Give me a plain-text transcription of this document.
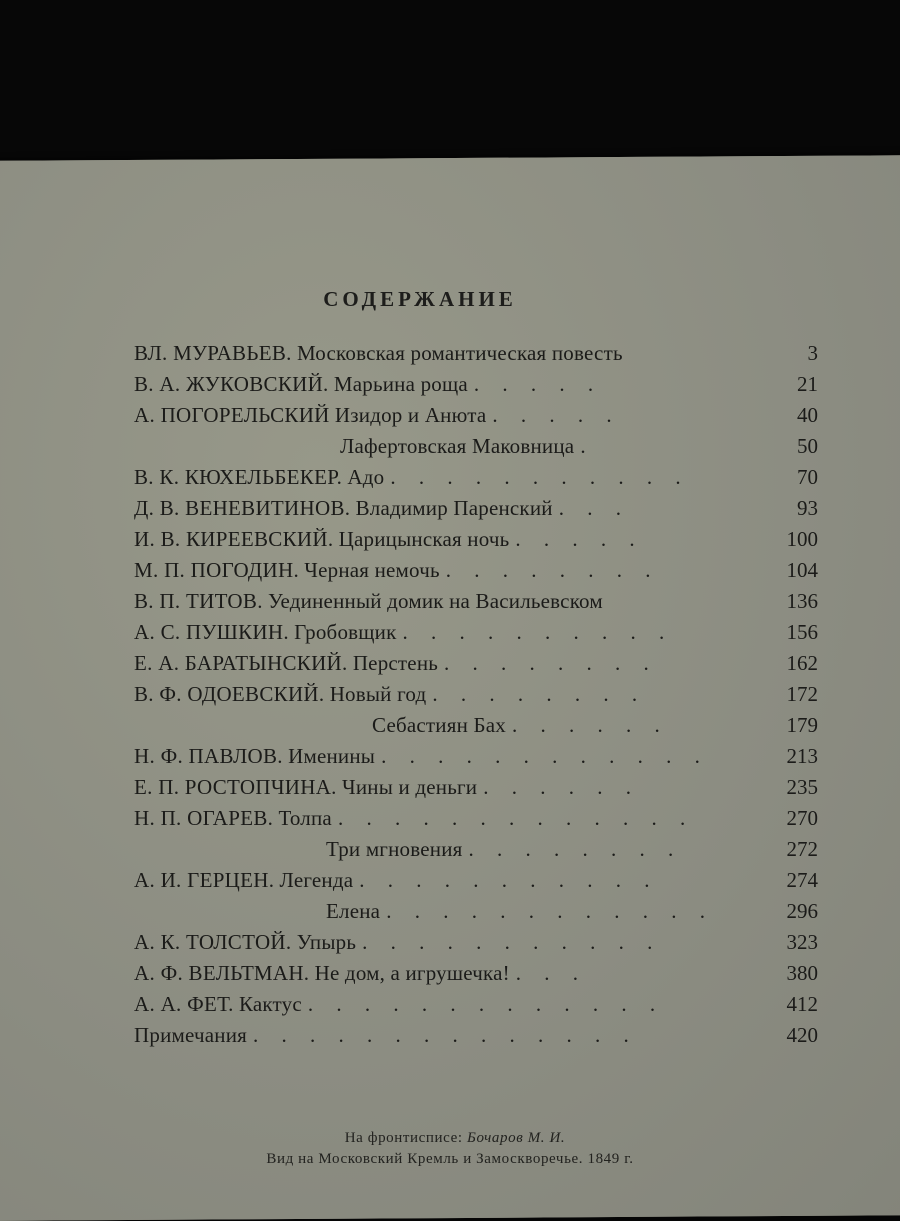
СОДЕРЖАНИЕ
ВЛ. МУРАВЬЕВ. Московская романтическая повесть	3
В. А. ЖУКОВСКИЙ. Марьина роща . . . . .	21
А. ПОГОРЕЛЬСКИЙ Изидор и Анюта . . . . .	40
Лафертовская Маковница .	50
В. К. КЮХЕЛЬБЕКЕР. Адо . . . . . . . . . . .	70
Д. В. ВЕНЕВИТИНОВ. Владимир Паренский . . .	93
И. В. КИРЕЕВСКИЙ. Царицынская ночь . . . . .	100
М. П. ПОГОДИН. Черная немочь . . . . . . . .	104
В. П. ТИТОВ. Уединенный домик на Васильевском	136
А. С. ПУШКИН. Гробовщик . . . . . . . . . .	156
Е. А. БАРАТЫНСКИЙ. Перстень . . . . . . . .	162
В. Ф. ОДОЕВСКИЙ. Новый год . . . . . . . .	172
Себастиян Бах . . . . . .	179
Н. Ф. ПАВЛОВ. Именины . . . . . . . . . . . .	213
Е. П. РОСТОПЧИНА. Чины и деньги . . . . . .	235
Н. П. ОГАРЕВ. Толпа . . . . . . . . . . . . .	270
Три мгновения . . . . . . . .	272
А. И. ГЕРЦЕН. Легенда . . . . . . . . . . .	274
Елена . . . . . . . . . . . .	296
А. К. ТОЛСТОЙ. Упырь . . . . . . . . . . .	323
А. Ф. ВЕЛЬТМАН. Не дом, а игрушечка! . . .	380
А. А. ФЕТ. Кактус . . . . . . . . . . . . .	412
Примечания . . . . . . . . . . . . . .	420
На фронтисписе: Бочаров М. И.
Вид на Московский Кремль и Замоскворечье. 1849 г.
